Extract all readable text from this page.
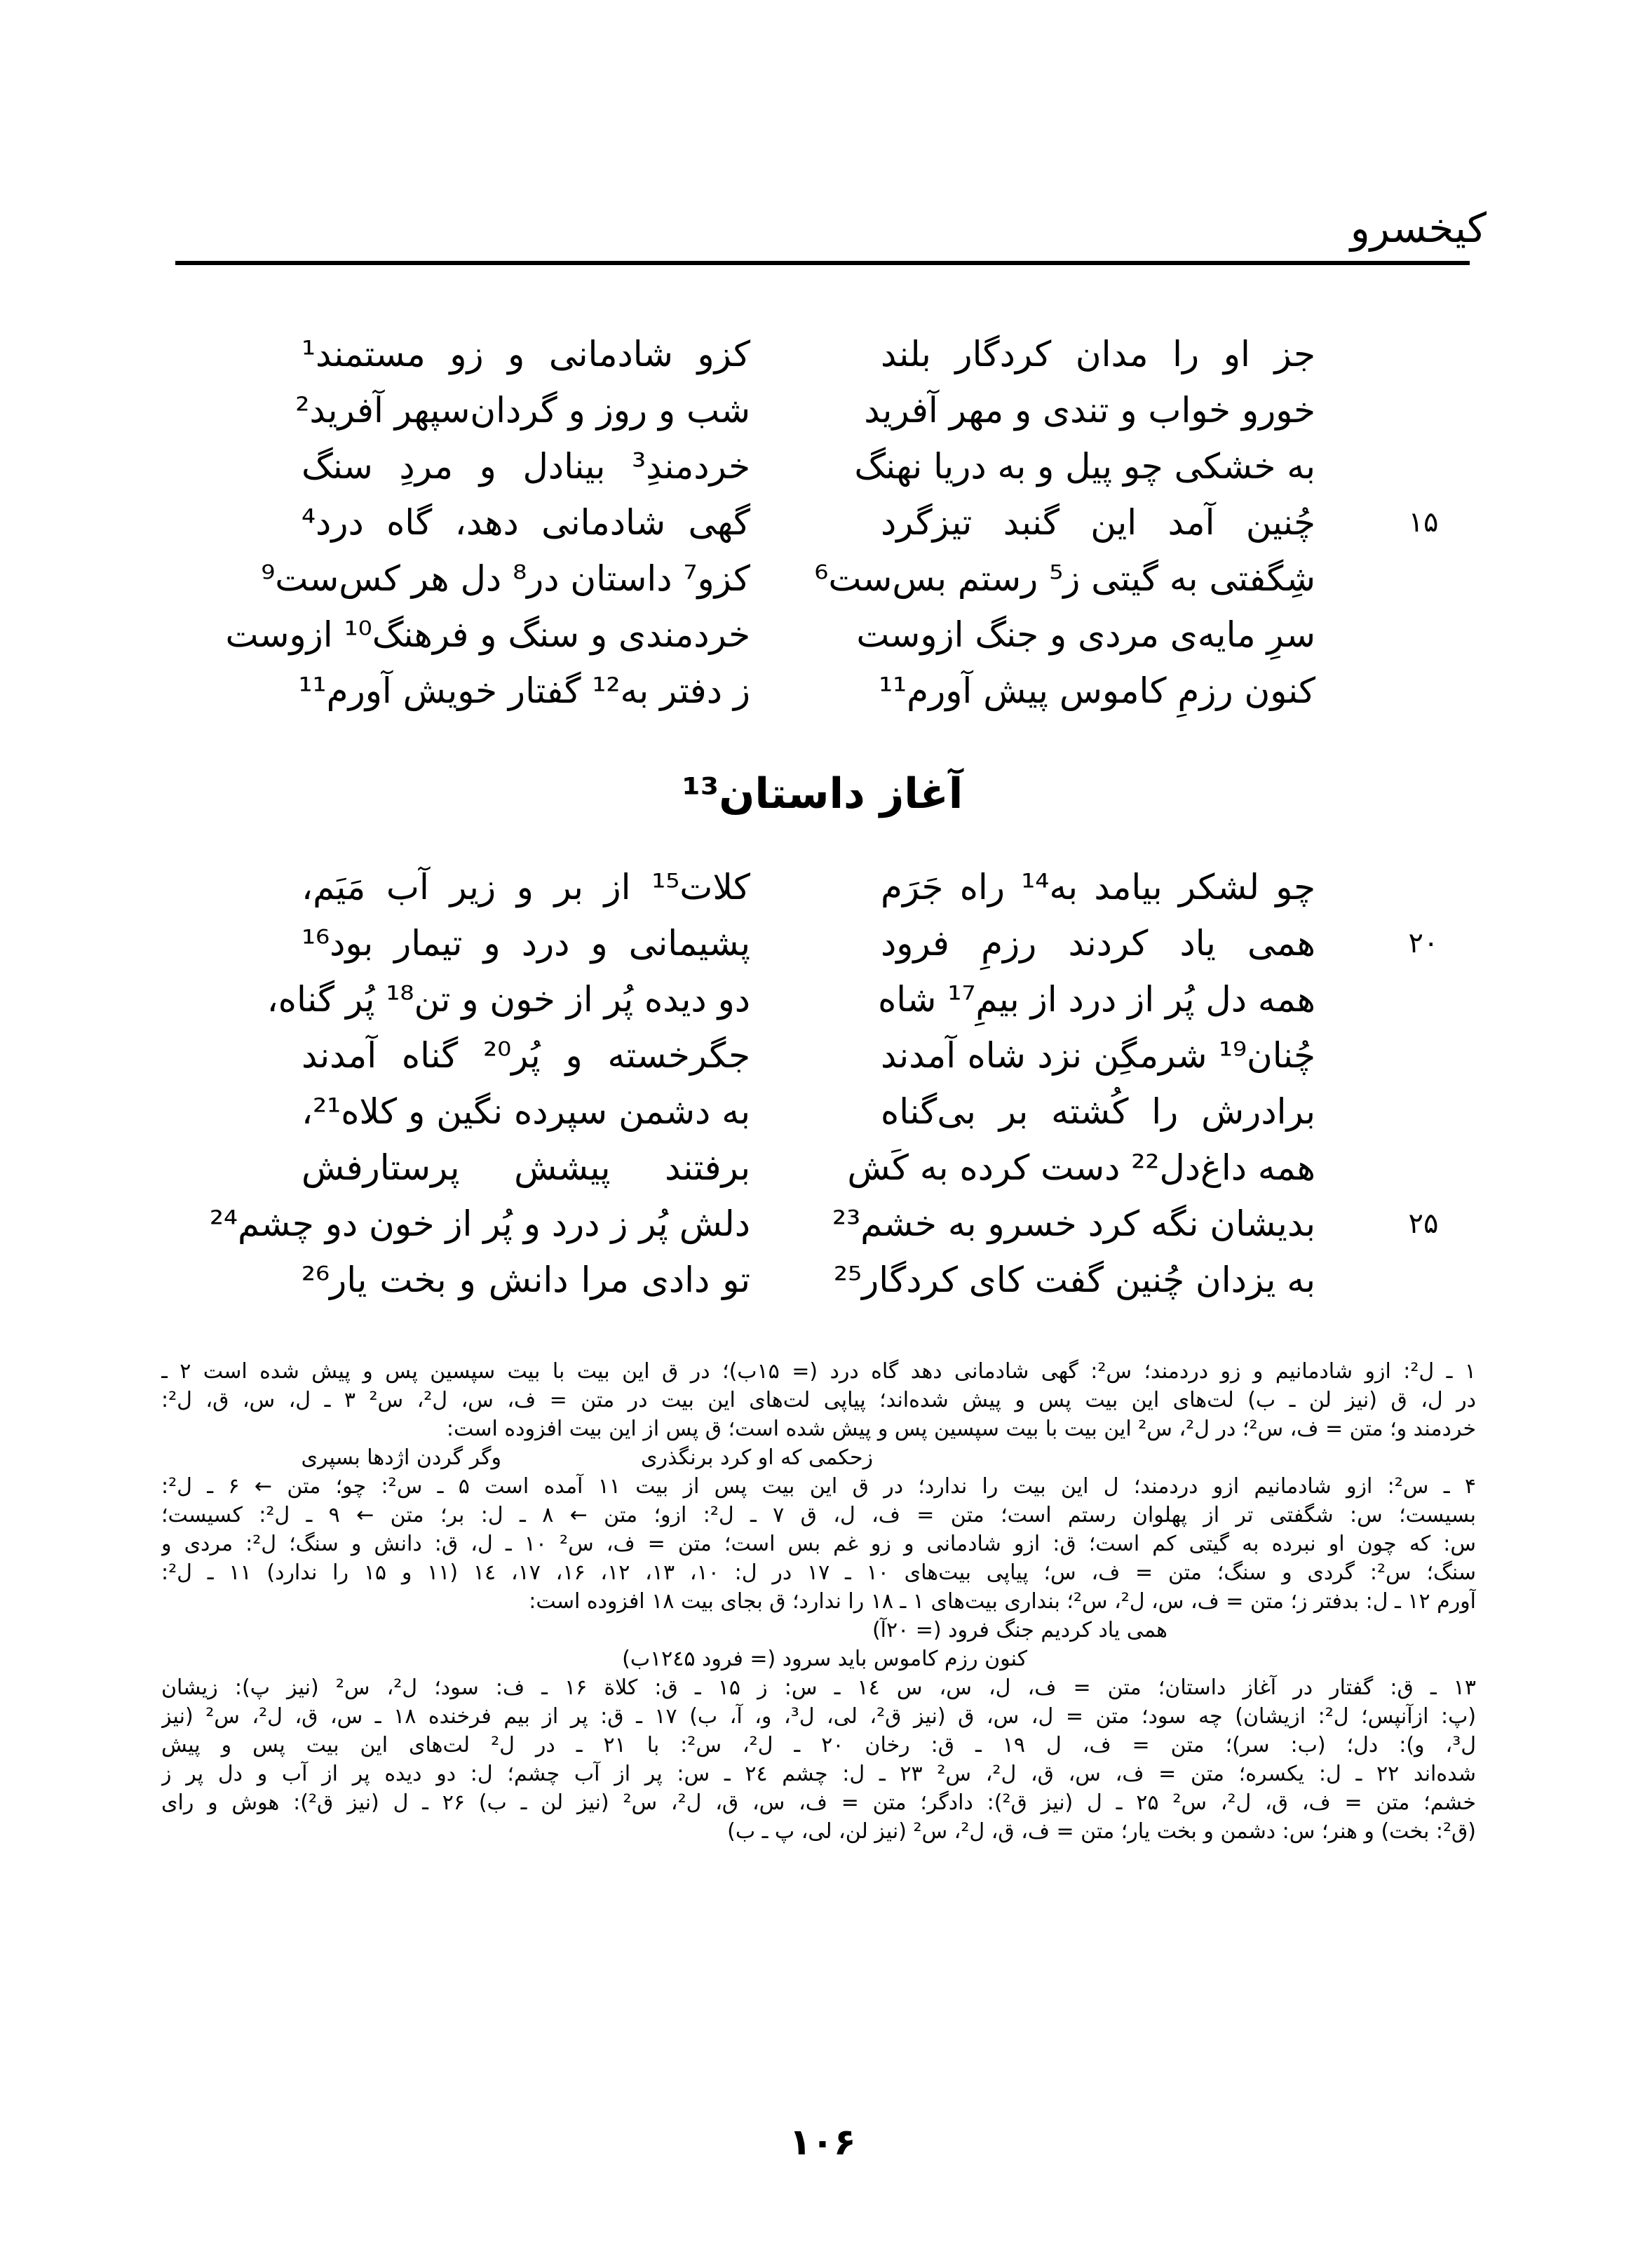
کیخسرو
جز او را مدان کردگار بلند
کزو شادمانی و زو مستمند¹
خورو خواب و تندی و مهر آفرید
شب و روز و گردان‌سپهر آفرید²
به خشکی چو پیل و به دریا نهنگ
خردمندِ³ بینادل و مردِ سنگ
۱۵
چُنین آمد این گنبد تیزگرد
گهی شادمانی دهد، گاه درد⁴
شِگفتی به گیتی ز⁵ رستم بس‌ست⁶
کزو⁷ داستان در⁸ دل هر کس‌ست⁹
سرِ مایه‌ی مردی و جنگ ازوست
خردمندی و سنگ و فرهنگ¹⁰ ازوست
کنون رزمِ کاموس پیش آورم¹¹
ز دفتر به¹² گفتار خویش آورم¹¹
آغاز داستان¹³
چو لشکر بیامد به¹⁴ راه جَرَم
کلات¹⁵ از بر و زیر آب مَیَم،
۲۰
همی یاد کردند رزمِ فرود
پشیمانی و درد و تیمار بود¹⁶
همه دل پُر از درد از بیمِ¹⁷ شاه
دو دیده پُر از خون و تن¹⁸ پُر گناه،
چُنان¹⁹ شرمگِن نزد شاه آمدند
جگرخسته و پُر²⁰ گناه آمدند
برادرش را کُشته بر بی‌گناه
به دشمن سپرده نگین و کلاه²¹،
همه داغ‌دل²² دست کرده به کَش
برفتند پیشش پرستارفش
۲۵
بدیشان نگه کرد خسرو به خشم²³
دلش پُر ز درد و پُر از خون دو چشم²⁴
به یزدان چُنین گفت کای کردگار²⁵
تو دادی مرا دانش و بخت یار²⁶
۱ ـ ل²: ازو شادمانیم و زو دردمند؛ س²: گهی شادمانی دهد گاه درد (= ۱۵ب)؛ در ق این بیت با بیت سپسین پس و پیش شده است ۲ ـ
در ل، ق (نیز لن ـ ب) لت‌های این بیت پس و پیش شده‌اند؛ پیاپی لت‌های این بیت در متن = ف، س، ل²، س² ۳ ـ ل، س، ق، ل²:
خردمند و؛ متن = ف، س²؛ در ل²، س² این بیت با بیت سپسین پس و پیش شده است؛ ق پس از این بیت افزوده است:
زحکمی که او کرد برنگذری
وگر گردن اژدها بسپری
۴ ـ س²: ازو شادمانیم ازو دردمند؛ ل این بیت را ندارد؛ در ق این بیت پس از بیت ۱۱ آمده است ۵ ـ س²: چو؛ متن ← ۶ ـ ل²:
بسیست؛ س: شگفتی تر از پهلوان رستم است؛ متن = ف، ل، ق ۷ ـ ل²: ازو؛ متن ← ۸ ـ ل: بر؛ متن ← ۹ ـ ل²: کسیست؛
س: که چون او نبرده به گیتی کم است؛ ق: ازو شادمانی و زو غم بس است؛ متن = ف، س² ۱۰ ـ ل، ق: دانش و سنگ؛ ل²: مردی و
سنگ؛ س²: گردی و سنگ؛ متن = ف، س؛ پیاپی بیت‌های ۱۰ ـ ۱۷ در ل: ۱۰، ۱۳، ۱۲، ۱۶، ۱۷، ۱٤ (۱۱ و ۱۵ را ندارد) ۱۱ ـ ل²:
آورم ۱۲ ـ ل: بدفتر ز؛ متن = ف، س، ل²، س²؛ بنداری بیت‌های ۱ ـ ۱۸ را ندارد؛ ق بجای بیت ۱۸ افزوده است:
همی یاد کردیم جنگ فرود (= ۲۰آ)
کنون رزم کاموس باید سرود (= فرود ۱۲٤۵ب)
۱۳ ـ ق: گفتار در آغاز داستان؛ متن = ف، ل، س، س ۱٤ ـ س: ز ۱۵ ـ ق: کلاة ۱۶ ـ ف: سود؛ ل²، س² (نیز پ): زیشان
(پ: ازآنپس؛ ل²: ازیشان) چه سود؛ متن = ل، س، ق (نیز ق²، لی، ل³، و، آ، ب) ۱۷ ـ ق: پر از بیم فرخنده ۱۸ ـ س، ق، ل²، س² (نیز
ل³، و): دل؛ (ب: سر)؛ متن = ف، ل ۱۹ ـ ق: رخان ۲۰ ـ ل²، س²: با ۲۱ ـ در ل² لت‌های این بیت پس و پیش
شده‌اند ۲۲ ـ ل: یکسره؛ متن = ف، س، ق، ل²، س² ۲۳ ـ ل: چشم ۲٤ ـ س: پر از آب چشم؛ ل: دو دیده پر از آب و دل پر ز
خشم؛ متن = ف، ق، ل²، س² ۲۵ ـ ل (نیز ق²): دادگر؛ متن = ف، س، ق، ل²، س² (نیز لن ـ ب) ۲۶ ـ ل (نیز ق²): هوش و رای
(ق²: بخت) و هنر؛ س: دشمن و بخت یار؛ متن = ف، ق، ل²، س² (نیز لن، لی، پ ـ ب)
۱۰۶
